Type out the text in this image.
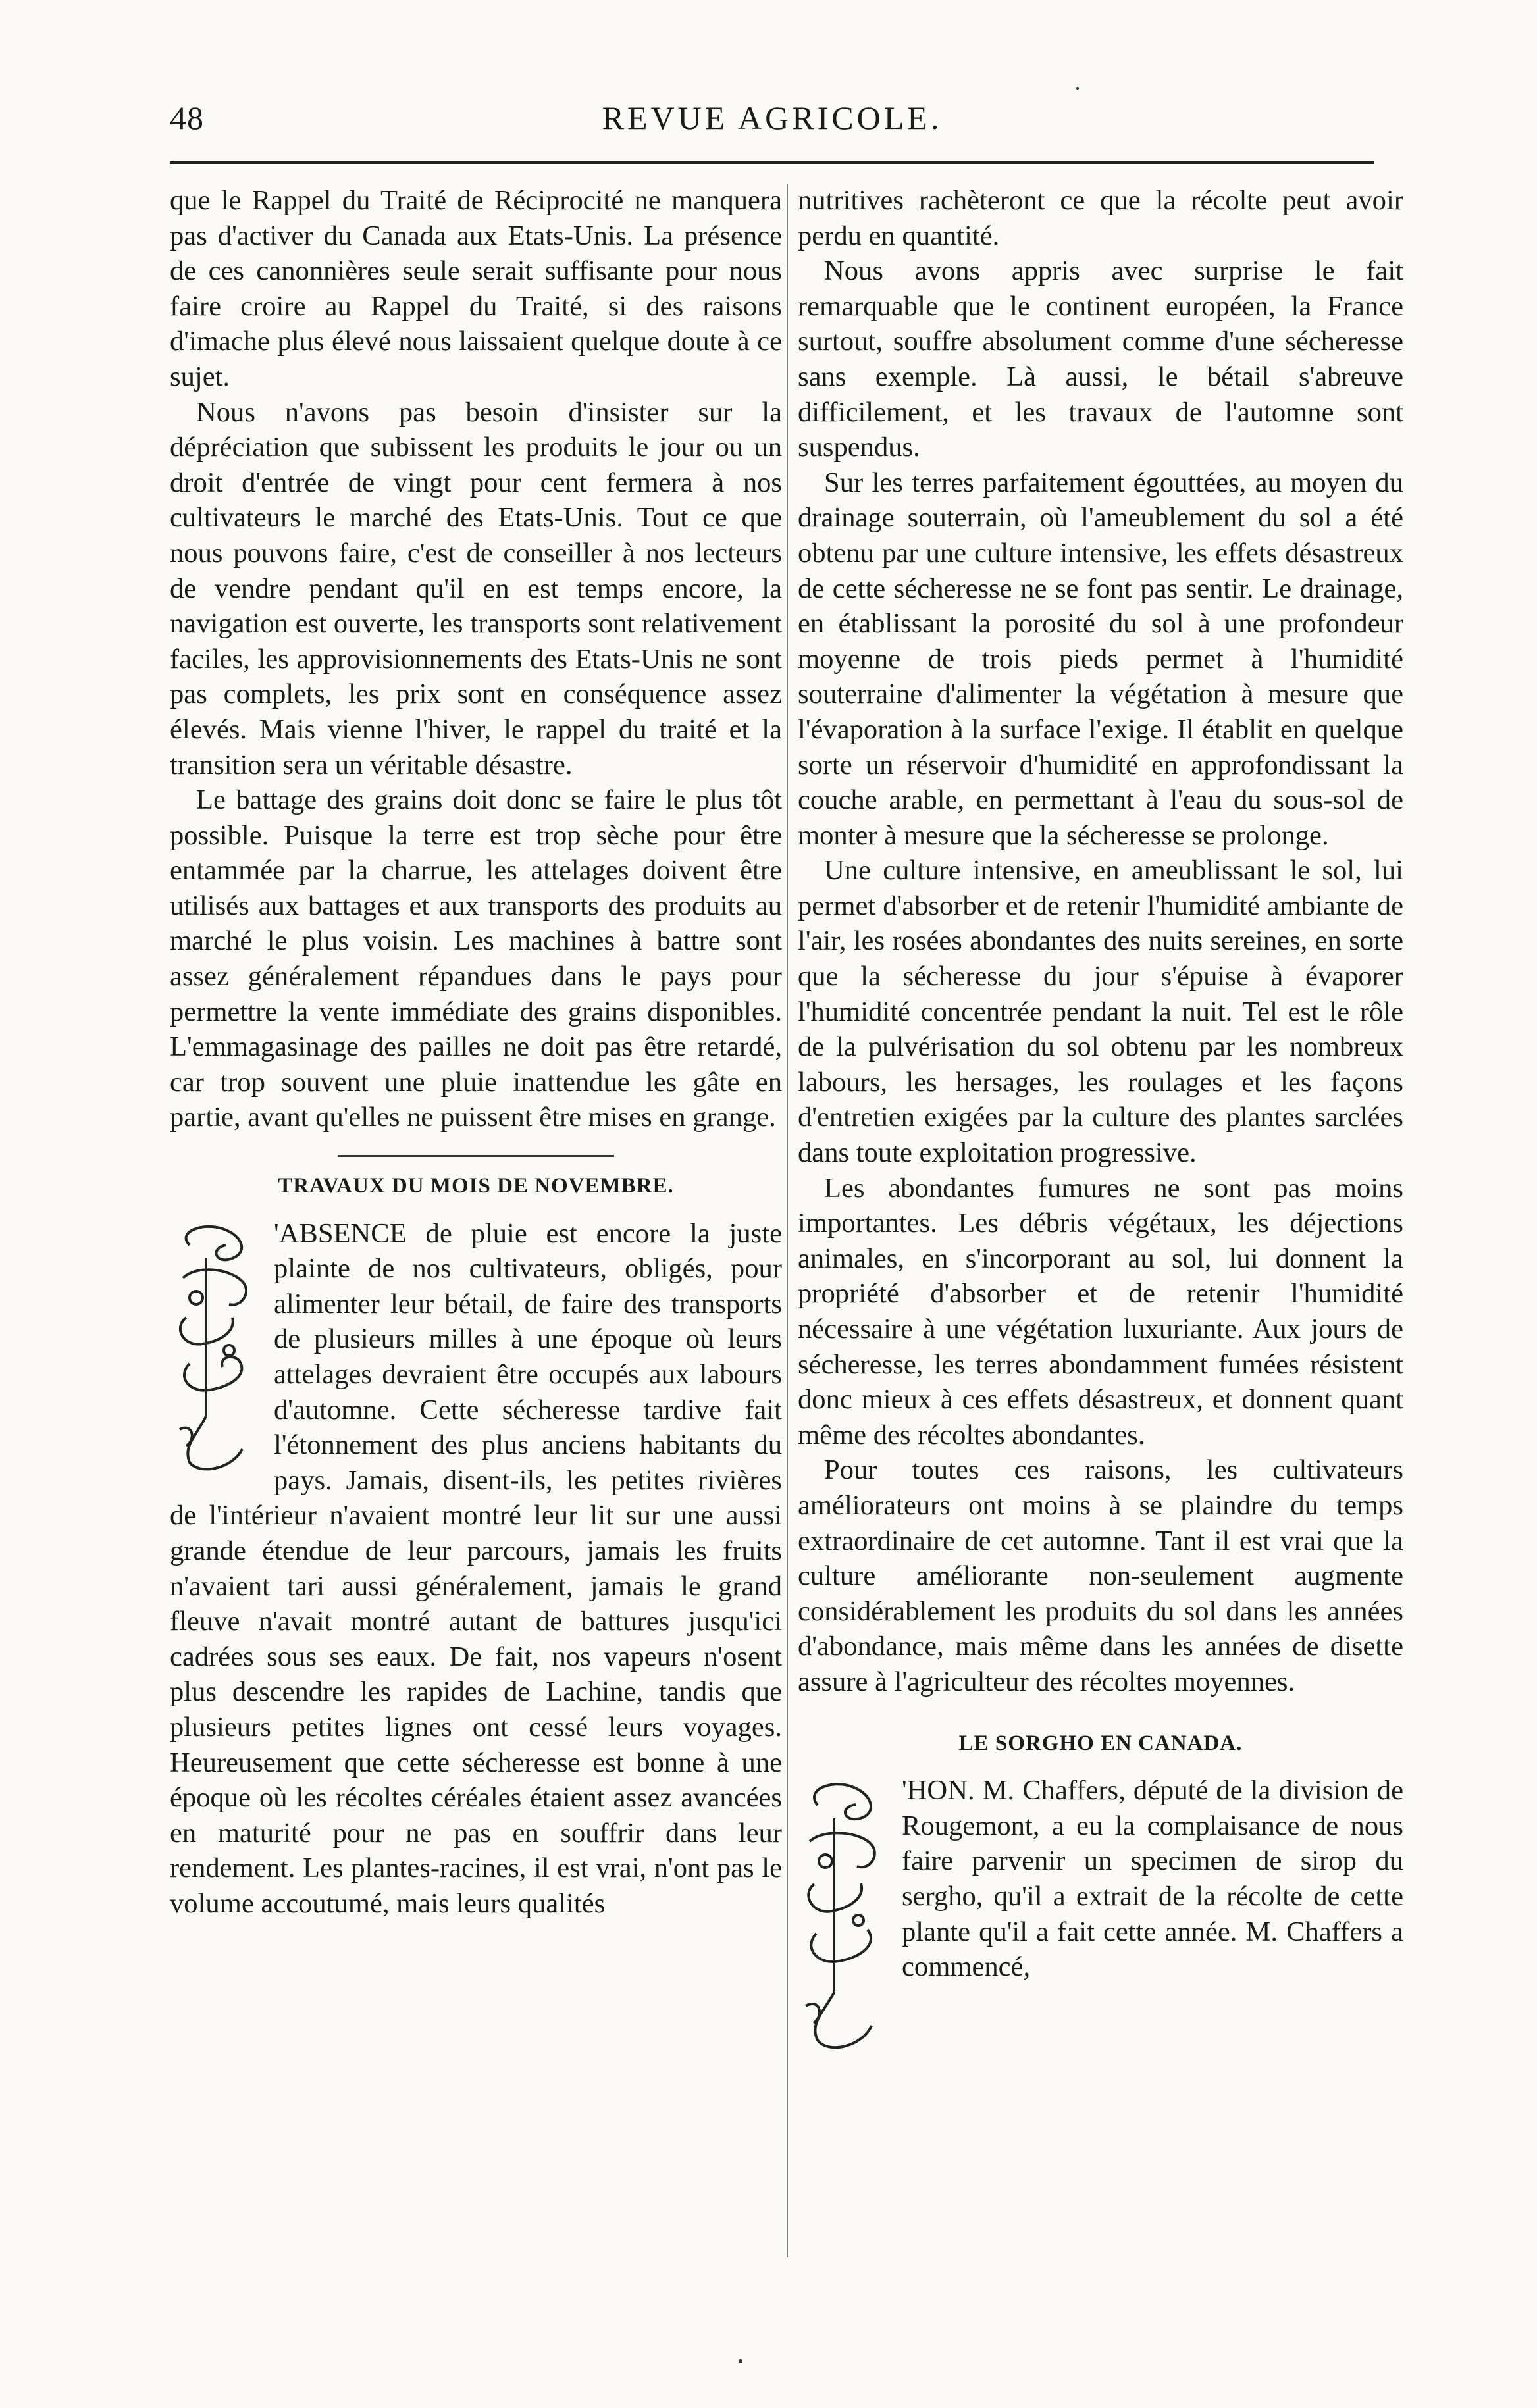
48	REVUE AGRICOLE.

que le Rappel du Traité de Réciprocité ne manquera pas d'activer du Canada aux Etats-Unis. La présence de ces canonnières seule serait suffisante pour nous faire croire au Rappel du Traité, si des raisons d'imache plus élevé nous laissaient quelque doute à ce sujet.

Nous n'avons pas besoin d'insister sur la dépréciation que subissent les produits le jour ou un droit d'entrée de vingt pour cent fermera à nos cultivateurs le marché des Etats-Unis. Tout ce que nous pouvons faire, c'est de conseiller à nos lecteurs de vendre pendant qu'il en est temps encore, la navigation est ouverte, les transports sont relativement faciles, les approvisionnements des Etats-Unis ne sont pas complets, les prix sont en conséquence assez élevés. Mais vienne l'hiver, le rappel du traité et la transition sera un véritable désastre.

Le battage des grains doit donc se faire le plus tôt possible. Puisque la terre est trop sèche pour être entammée par la charrue, les attelages doivent être utilisés aux battages et aux transports des produits au marché le plus voisin. Les machines à battre sont assez généralement répandues dans le pays pour permettre la vente immédiate des grains disponibles. L'emmagasinage des pailles ne doit pas être retardé, car trop souvent une pluie inattendue les gâte en partie, avant qu'elles ne puissent être mises en grange.

TRAVAUX DU MOIS DE NOVEMBRE.

'ABSENCE de pluie est encore la juste plainte de nos cultivateurs, obligés, pour alimenter leur bétail, de faire des transports de plusieurs milles à une époque où leurs attelages devraient être occupés aux labours d'automne. Cette sécheresse tardive fait l'étonnement des plus anciens habitants du pays. Jamais, disent-ils, les petites rivières de l'intérieur n'avaient montré leur lit sur une aussi grande étendue de leur parcours, jamais les fruits n'avaient tari aussi généralement, jamais le grand fleuve n'avait montré autant de battures jusqu'ici cadrées sous ses eaux. De fait, nos vapeurs n'osent plus descendre les rapides de Lachine, tandis que plusieurs petites lignes ont cessé leurs voyages. Heureusement que cette sécheresse est bonne à une époque où les récoltes céréales étaient assez avancées en maturité pour ne pas en souffrir dans leur rendement. Les plantes-racines, il est vrai, n'ont pas le volume accoutumé, mais leurs qualités

nutritives rachèteront ce que la récolte peut avoir perdu en quantité.

Nous avons appris avec surprise le fait remarquable que le continent européen, la France surtout, souffre absolument comme d'une sécheresse sans exemple. Là aussi, le bétail s'abreuve difficilement, et les travaux de l'automne sont suspendus.

Sur les terres parfaitement égouttées, au moyen du drainage souterrain, où l'ameublement du sol a été obtenu par une culture intensive, les effets désastreux de cette sécheresse ne se font pas sentir. Le drainage, en établissant la porosité du sol à une profondeur moyenne de trois pieds permet à l'humidité souterraine d'alimenter la végétation à mesure que l'évaporation à la surface l'exige. Il établit en quelque sorte un réservoir d'humidité en approfondissant la couche arable, en permettant à l'eau du sous-sol de monter à mesure que la sécheresse se prolonge.

Une culture intensive, en ameublissant le sol, lui permet d'absorber et de retenir l'humidité ambiante de l'air, les rosées abondantes des nuits sereines, en sorte que la sécheresse du jour s'épuise à évaporer l'humidité concentrée pendant la nuit. Tel est le rôle de la pulvérisation du sol obtenu par les nombreux labours, les hersages, les roulages et les façons d'entretien exigées par la culture des plantes sarclées dans toute exploitation progressive.

Les abondantes fumures ne sont pas moins importantes. Les débris végétaux, les déjections animales, en s'incorporant au sol, lui donnent la propriété d'absorber et de retenir l'humidité nécessaire à une végétation luxuriante. Aux jours de sécheresse, les terres abondamment fumées résistent donc mieux à ces effets désastreux, et donnent quant même des récoltes abondantes.

Pour toutes ces raisons, les cultivateurs améliorateurs ont moins à se plaindre du temps extraordinaire de cet automne. Tant il est vrai que la culture améliorante non-seulement augmente considérablement les produits du sol dans les années d'abondance, mais même dans les années de disette assure à l'agriculteur des récoltes moyennes.

LE SORGHO EN CANADA.

'HON. M. Chaffers, député de la division de Rougemont, a eu la complaisance de nous faire parvenir un specimen de sirop du sergho, qu'il a extrait de la récolte de cette plante qu'il a fait cette année. M. Chaffers a commencé,
